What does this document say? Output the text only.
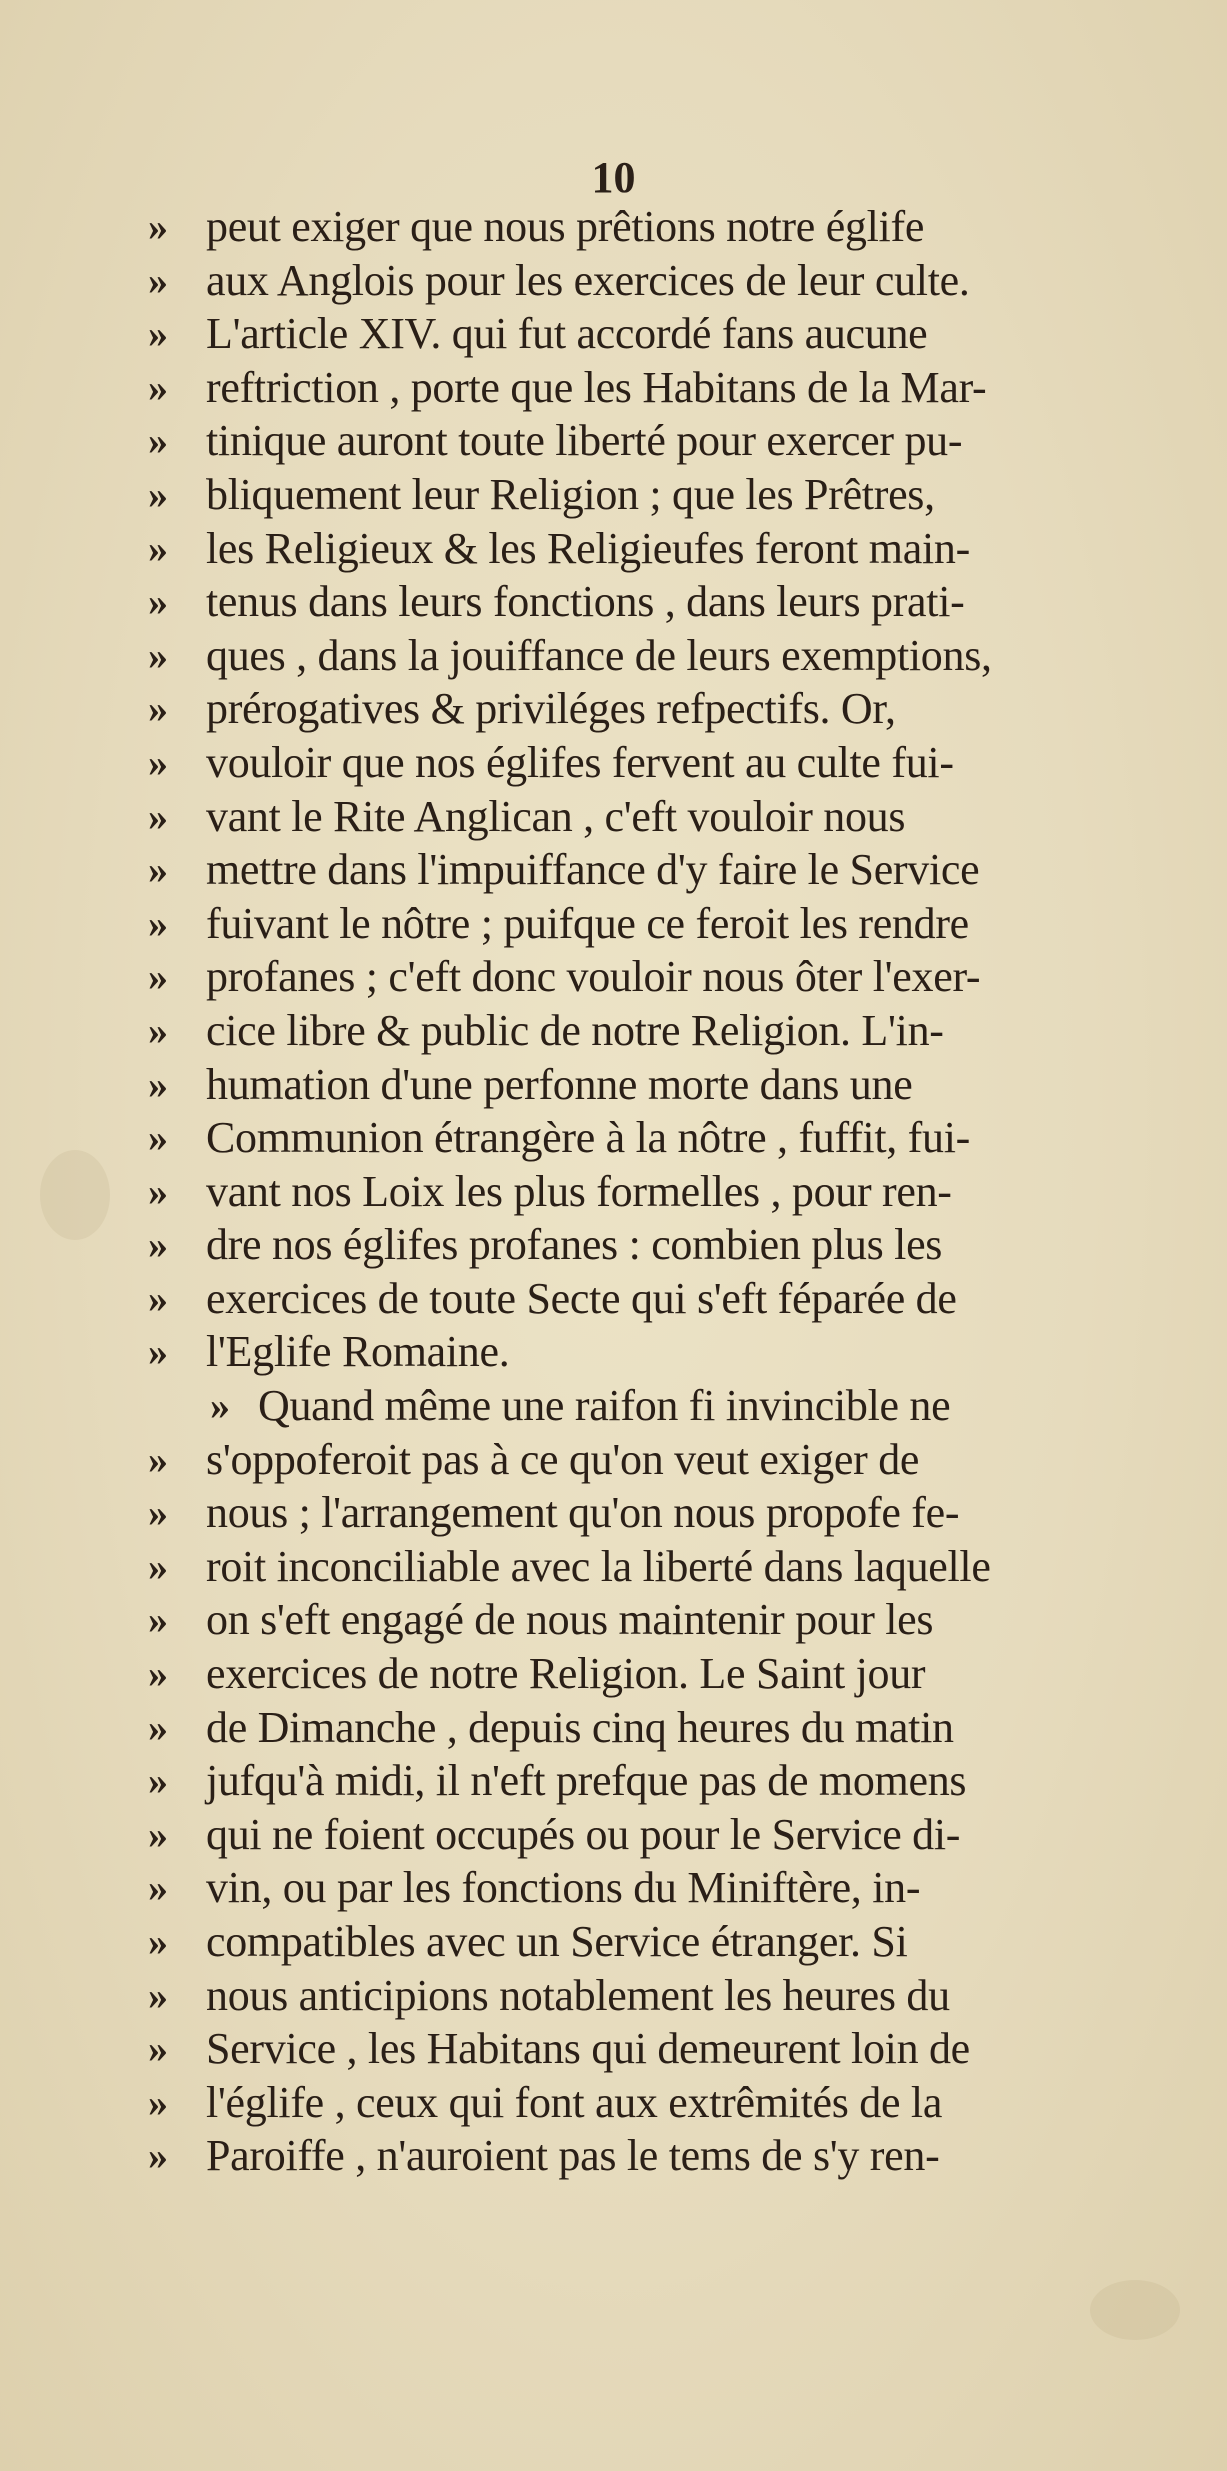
10
» peut exiger que nous prêtions notre églife
» aux Anglois pour les exercices de leur culte.
» L'article XIV. qui fut accordé fans aucune
» reftriction , porte que les Habitans de la Mar-
» tinique auront toute liberté pour exercer pu-
» bliquement leur Religion ; que les Prêtres,
» les Religieux & les Religieufes feront main-
» tenus dans leurs fonctions , dans leurs prati-
» ques , dans la jouiffance de leurs exemptions,
» prérogatives & priviléges refpectifs. Or,
» vouloir que nos églifes fervent au culte fui-
» vant le Rite Anglican , c'eft vouloir nous
» mettre dans l'impuiffance d'y faire le Service
» fuivant le nôtre ; puifque ce feroit les rendre
» profanes ; c'eft donc vouloir nous ôter l'exer-
» cice libre & public de notre Religion. L'in-
» humation d'une perfonne morte dans une
» Communion étrangère à la nôtre , fuffit, fui-
» vant nos Loix les plus formelles , pour ren-
» dre nos églifes profanes : combien plus les
» exercices de toute Secte qui s'eft féparée de
» l'Eglife Romaine.
» Quand même une raifon fi invincible ne
» s'oppoferoit pas à ce qu'on veut exiger de
» nous ; l'arrangement qu'on nous propofe fe-
» roit inconciliable avec la liberté dans laquelle
» on s'eft engagé de nous maintenir pour les
» exercices de notre Religion. Le Saint jour
» de Dimanche , depuis cinq heures du matin
» jufqu'à midi, il n'eft prefque pas de momens
» qui ne foient occupés ou pour le Service di-
» vin, ou par les fonctions du Miniftère, in-
» compatibles avec un Service étranger. Si
» nous anticipions notablement les heures du
» Service , les Habitans qui demeurent loin de
» l'églife , ceux qui font aux extrêmités de la
» Paroiffe , n'auroient pas le tems de s'y ren-
